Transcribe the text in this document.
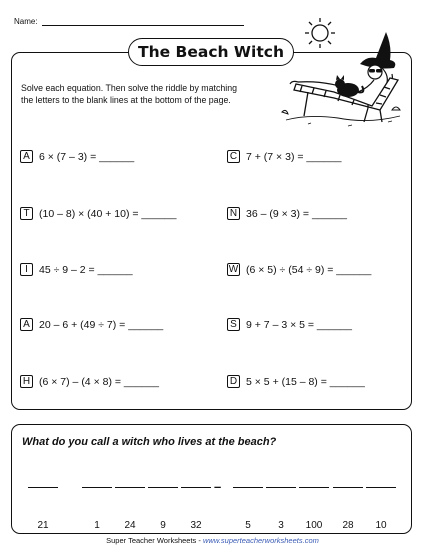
Name:
The Beach Witch
Solve each equation. Then solve the riddle by matching the letters to the blank lines at the bottom of the page.
A 6 × (7 – 3) = ______	C 7 + (7 × 3) = ______
T (10 – 8) × (40 + 10) = ______	N 36 – (9 × 3) = ______
I	45 ÷ 9 – 2 = ______	W (6 × 5) ÷ (54 ÷ 9) = ______
A 20 – 6 + (49 ÷ 7) = ______	S 9 + 7 – 3 × 5 = ______
H (6 × 7) – (4 × 8) = ______	D 5 × 5 + (15 – 8) = ______
What do you call a witch who lives at the beach?
–
21	1	24	9	32	5	3	100	28	10
Super Teacher Worksheets - www.superteacherworksheets.com
